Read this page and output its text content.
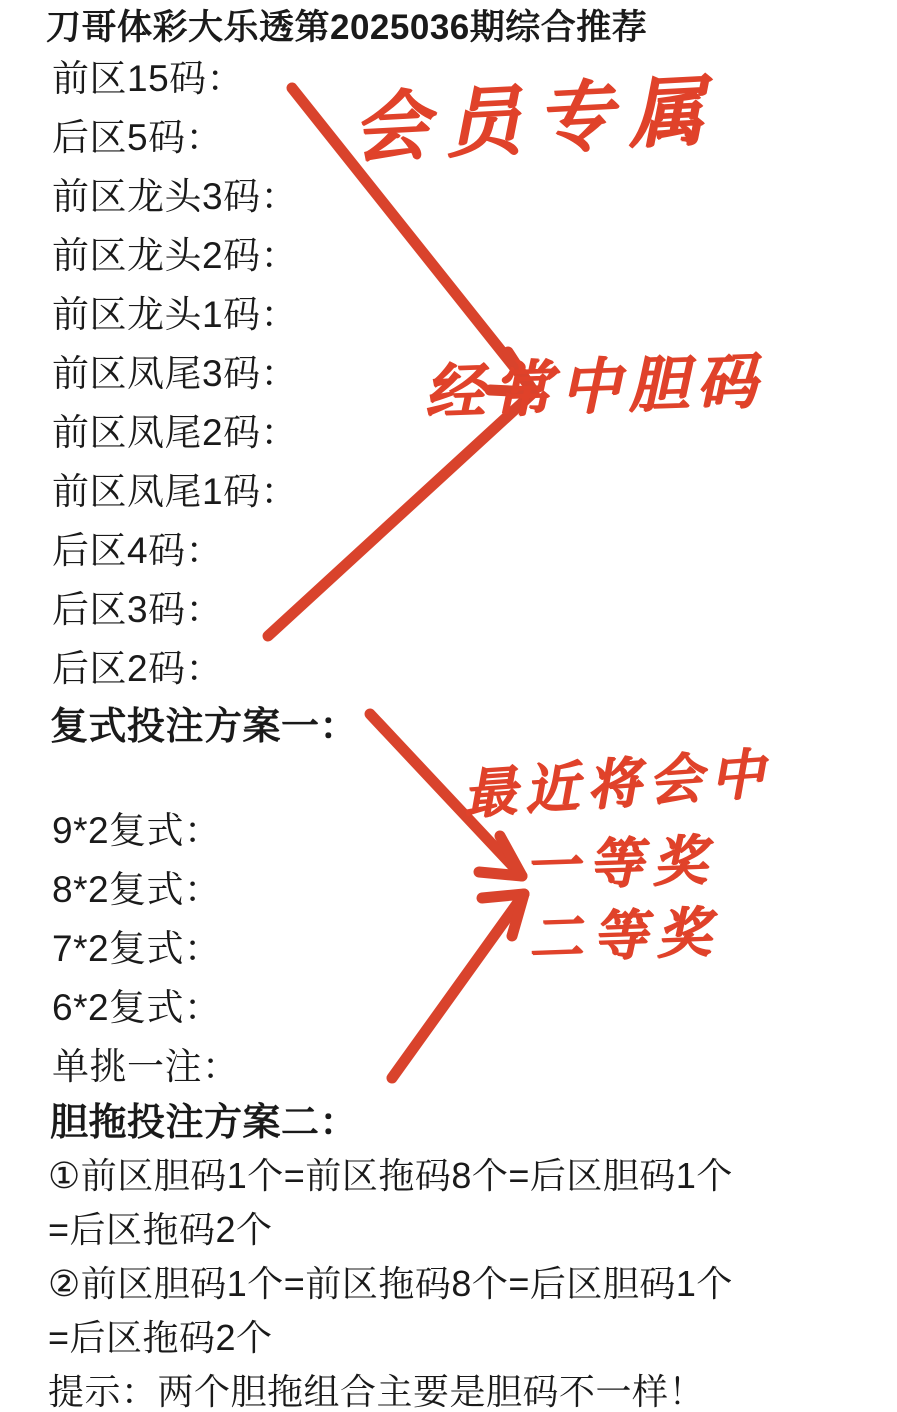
刀哥体彩大乐透第2025036期综合推荐
前区15码：
后区5码：
前区龙头3码：
前区龙头2码：
前区龙头1码：
前区凤尾3码：
前区凤尾2码：
前区凤尾1码：
后区4码：
后区3码：
后区2码：
复式投注方案一：
9*2复式：
8*2复式：
7*2复式：
6*2复式：
单挑一注：
胆拖投注方案二：
①前区胆码1个=前区拖码8个=后区胆码1个
=后区拖码2个
②前区胆码1个=前区拖码8个=后区胆码1个
=后区拖码2个
提示：两个胆拖组合主要是胆码不一样！
会员专属
经常中胆码
最近将会中
一等奖
二等奖
